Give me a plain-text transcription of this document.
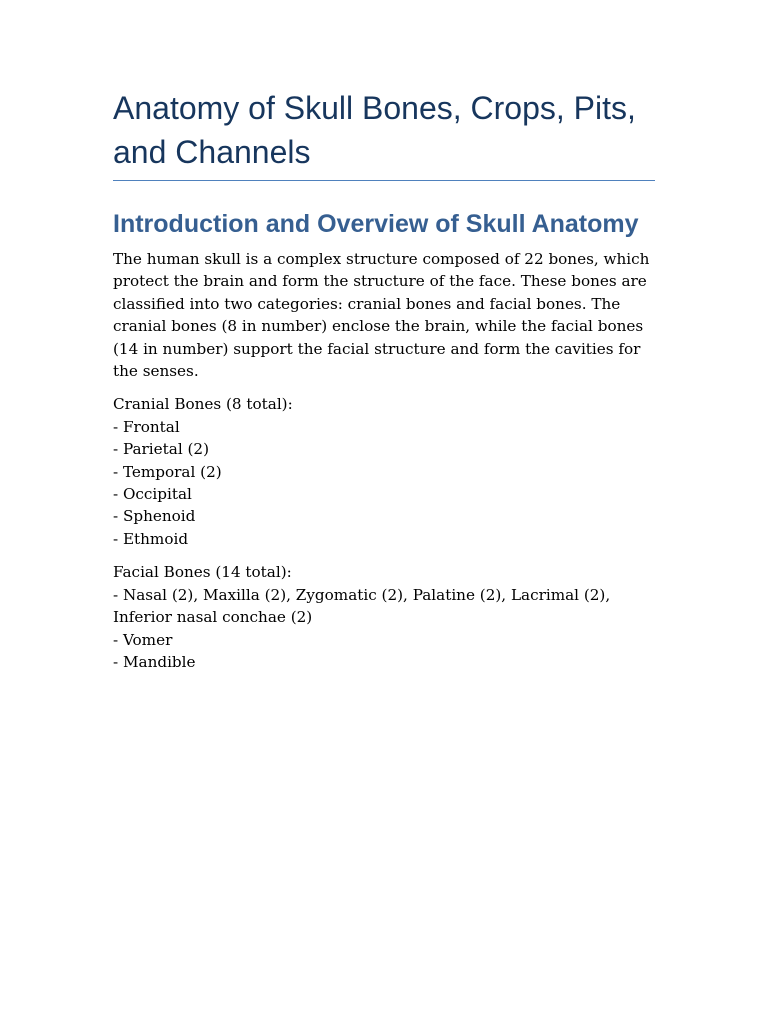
Anatomy of Skull Bones, Crops, Pits, and Channels
Introduction and Overview of Skull Anatomy

The human skull is a complex structure composed of 22 bones, which protect the brain and form the structure of the face. These bones are classified into two categories: cranial bones and facial bones. The cranial bones (8 in number) enclose the brain, while the facial bones (14 in number) support the facial structure and form the cavities for the senses.

Cranial Bones (8 total):
- Frontal
- Parietal (2)
- Temporal (2)
- Occipital
- Sphenoid
- Ethmoid
Facial Bones (14 total):
- Nasal (2), Maxilla (2), Zygomatic (2), Palatine (2), Lacrimal (2), Inferior nasal conchae (2)
- Vomer
- Mandible
